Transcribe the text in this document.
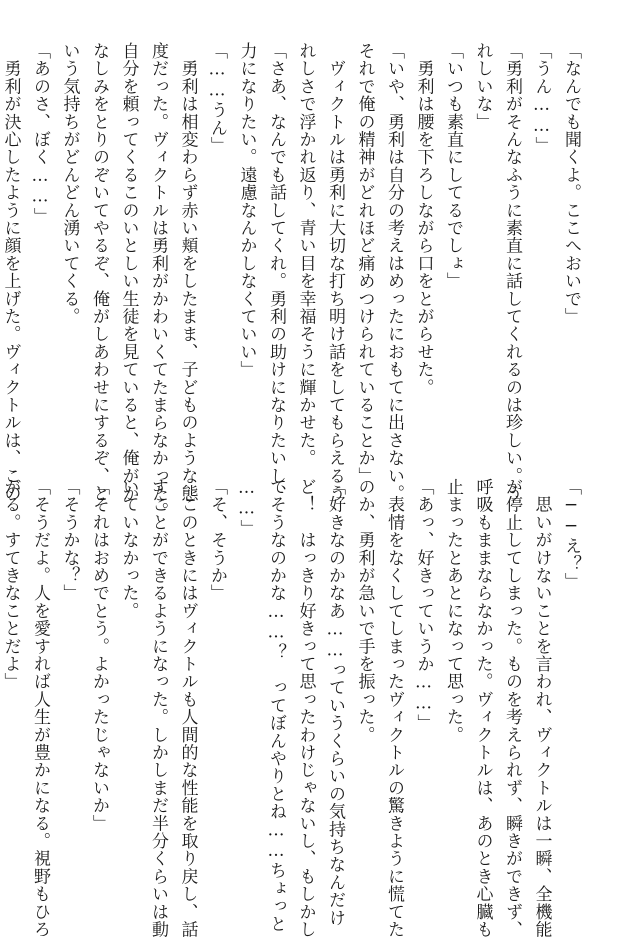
「なんでも聞くよ。ここへおいで」
「うん……」
「勇利がそんなふうに素直に話してくれるのは珍しい。う
れしいな」
「いつも素直にしてるでしょ」
　勇利は腰を下ろしながら口をとがらせた。
「いや、勇利は自分の考えはめったにおもてに出さない。
それで俺の精神がどれほど痛めつけられていることか」
　ヴィクトルは勇利に大切な打ち明け話をしてもらえるう
れしさで浮かれ返り、青い目を幸福そうに輝かせた。
「さあ、なんでも話してくれ。勇利の助けになりたいし、
力になりたい。遠慮なんかしなくていい」
「……うん」
　勇利は相変わらず赤い頬をしたまま、子どものような態
度だった。ヴィクトルは勇利がかわいくてたまらなかった。
自分を頼ってくるこのいとしい生徒を見ていると、俺がか
なしみをとりのぞいてやるぞ、俺がしあわせにするぞ、と
いう気持ちがどんどん湧いてくる。
「あのさ、ぼく……」
　勇利が決心したように顔を上げた。ヴィクトルは、この
「──え？」
　思いがけないことを言われ、ヴィクトルは一瞬、全機能
が停止してしまった。ものを考えられず、瞬きができず、
呼吸もままならなかった。ヴィクトルは、あのとき心臓も
止まったとあとになって思った。
「あっ、好きっていうか……」
　表情をなくしてしまったヴィクトルの驚きように慌てた
のか、勇利が急いで手を振った。
「好きなのかなあ……っていうくらいの気持ちなんだけ
ど！　はっきり好きって思ったわけじゃないし、もしかし
てそうなのかな……？　ってぼんやりとね……ちょっと
……」
「そ、そうか」
　このときにはヴィクトルも人間的な性能を取り戻し、話
すことができるようになった。しかしまだ半分くらいは動
いていなかった。
「それはおめでとう。よかったじゃないか」
「そうかな？」
「そうだよ。人を愛すれば人生が豊かになる。視野もひろ
がる。すてきなことだよ」
